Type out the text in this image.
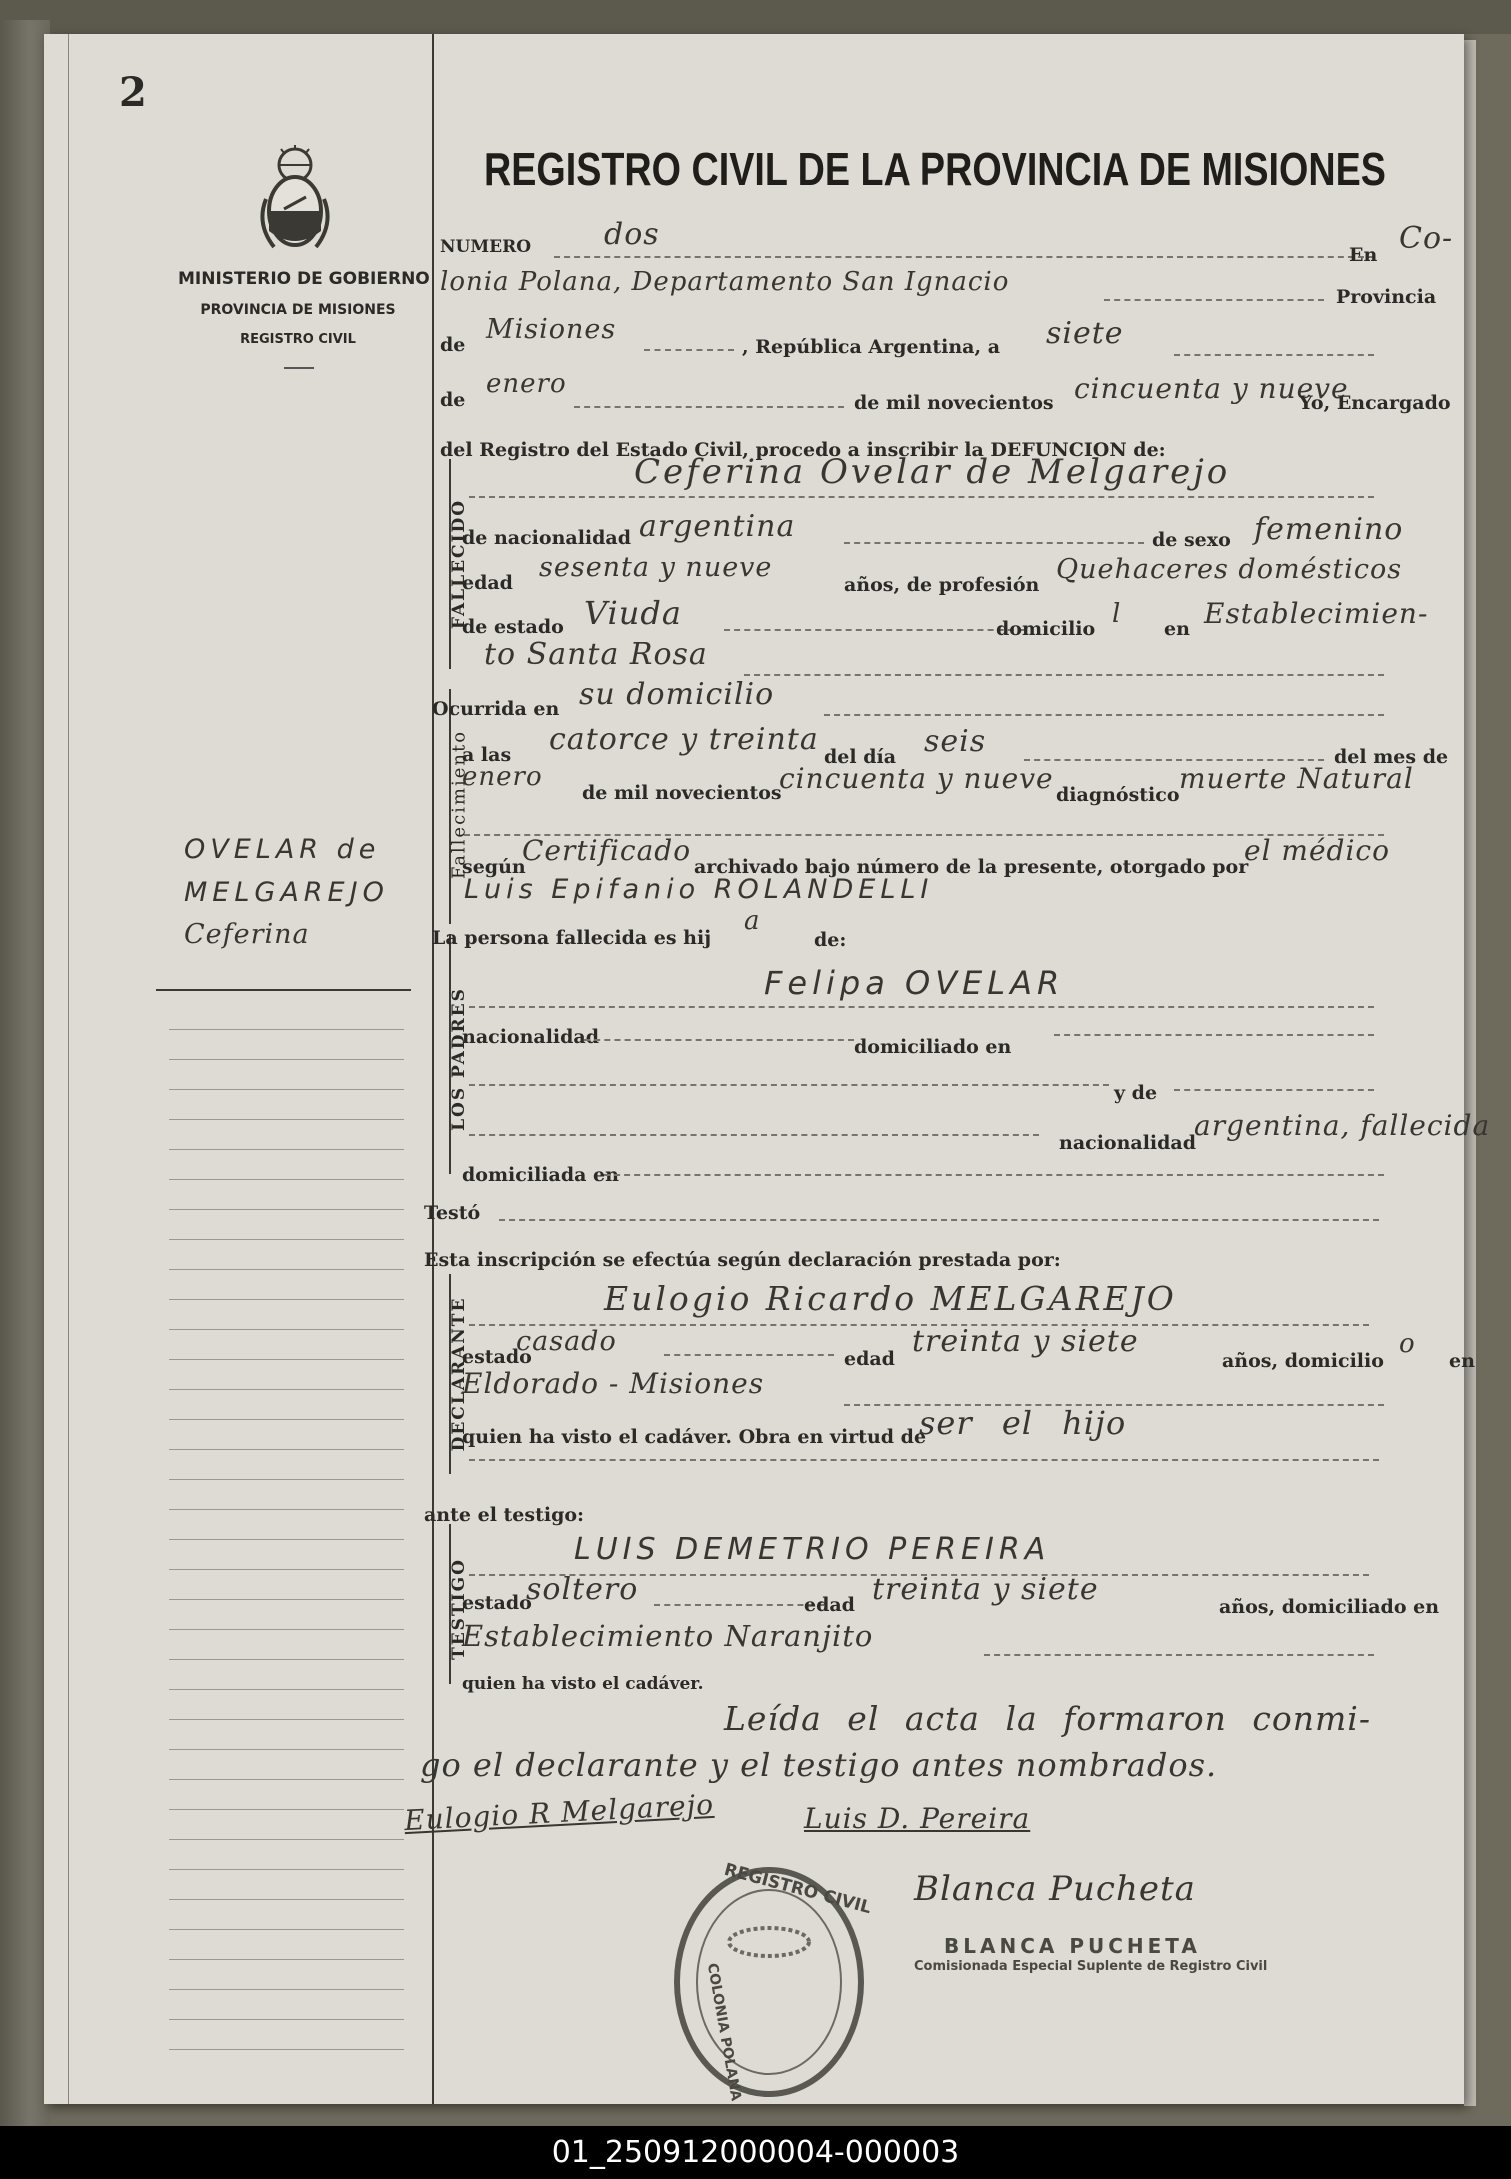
2
MINISTERIO DE GOBIERNO
PROVINCIA DE MISIONES
REGISTRO CIVIL
REGISTRO CIVIL DE LA PROVINCIA DE MISIONES
OVELAR de
MELGAREJO
Ceferina
FALLECIDO
Fallecimiento
LOS PADRES
DECLARANTE
TESTIGO
NUMERO dos
En Co-
lonia Polana, Departamento San Ignacio	Provincia
de Misiones
, República Argentina, a siete
de
enero
de mil novecientos cincuenta y nueve
Yo, Encargado
del Registro del Estado Civil, procedo a inscribir la DEFUNCION de:
Ceferina Ovelar de Melgarejo
de nacionalidad argentina	de sexo femenino
edad sesenta y nueve
años, de profesión Quehaceres domésticos
de estado Viuda	domicilio l en Establecimien-
to Santa Rosa
Ocurrida en su domicilio
a las catorce y treinta del día seis	del mes de
enero
de mil novecientos
cincuenta y nueve diagnóstico muerte Natural
según
Certificado archivado bajo número de la presente, otorgado por
el médico
Luis Epifanio ROLANDELLI
La persona fallecida es hij
a
de:
Felipa OVELAR
nacionalidad	domiciliado en
y de
nacionalidad
argentina, fallecida
domiciliada en
Testó
Esta inscripción se efectúa según declaración prestada por:
Eulogio Ricardo MELGAREJO
estado
casado
edad treinta y siete
años, domicilio
o
en
Eldorado - Misiones
quien ha visto el cadáver. Obra en virtud de
ser el hijo
ante el testigo:
LUIS DEMETRIO PEREIRA
estado
soltero	edad treinta y siete	años, domiciliado en
Establecimiento Naranjito
quien ha visto el cadáver.
Leída el acta la formaron conmi-
go el declarante y el testigo antes nombrados.
Eulogio R Melgarejo	Luis D. Pereira
REGISTRO CIVIL
COLONIA POLANA
Blanca Pucheta
BLANCA PUCHETA
Comisionada Especial Suplente de Registro Civil
01_250912000004-000003
